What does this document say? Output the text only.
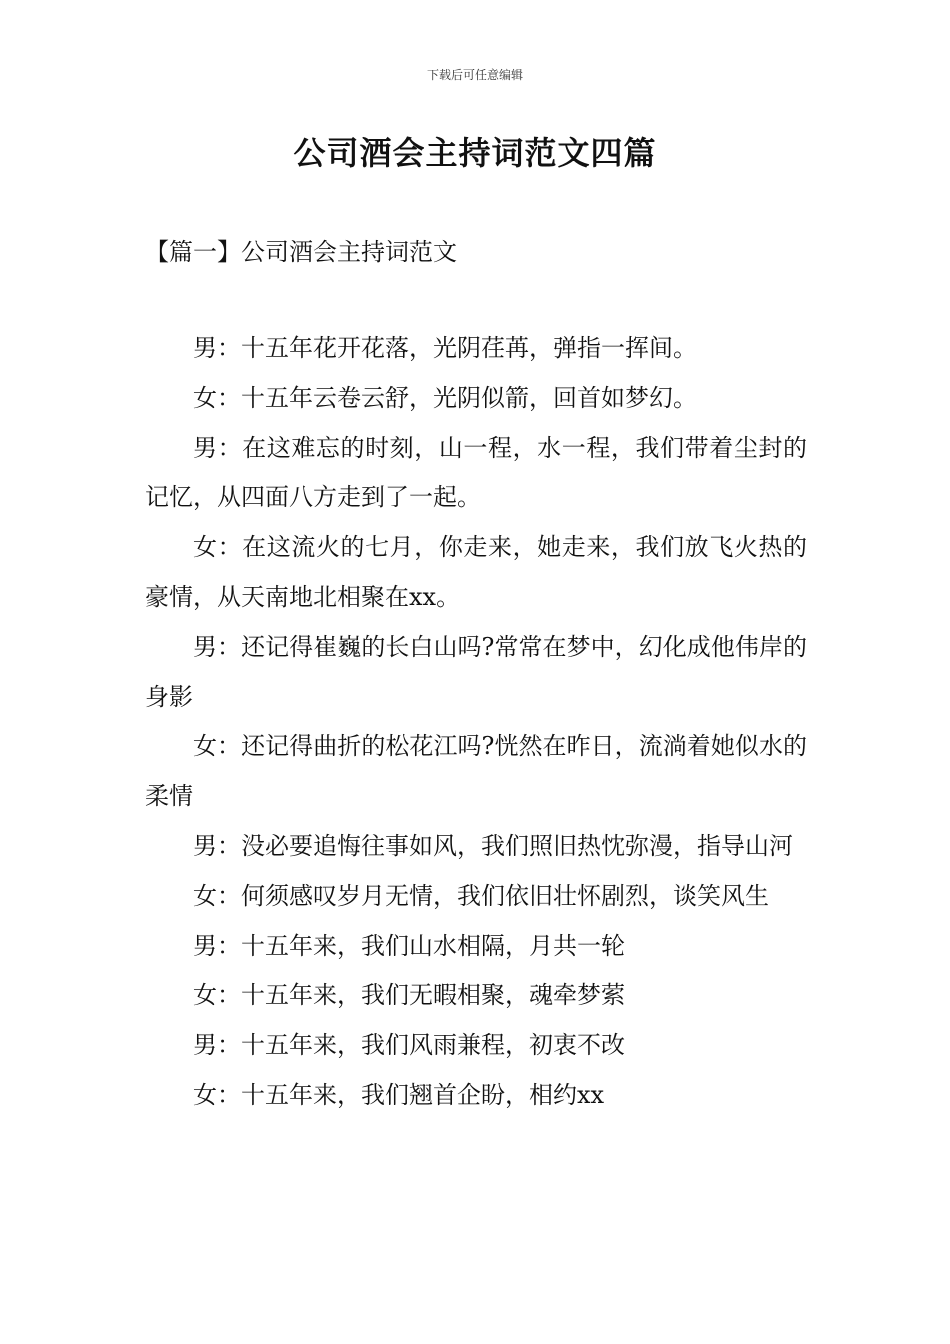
下载后可任意编辑
公司酒会主持词范文四篇
【篇一】公司酒会主持词范文

男：十五年花开花落，光阴荏苒，弹指一挥间。

女：十五年云卷云舒，光阴似箭，回首如梦幻。

男：在这难忘的时刻，山一程，水一程，我们带着尘封的记忆，从四面八方走到了一起。

女：在这流火的七月，你走来，她走来，我们放飞火热的豪情，从天南地北相聚在xx。

男：还记得崔巍的长白山吗?常常在梦中，幻化成他伟岸的身影

女：还记得曲折的松花江吗?恍然在昨日，流淌着她似水的柔情

男：没必要追悔往事如风，我们照旧热忱弥漫，指导山河

女：何须感叹岁月无情，我们依旧壮怀剧烈，谈笑风生

男：十五年来，我们山水相隔，月共一轮

女：十五年来，我们无暇相聚，魂牵梦萦

男：十五年来，我们风雨兼程，初衷不改

女：十五年来，我们翘首企盼，相约xx
